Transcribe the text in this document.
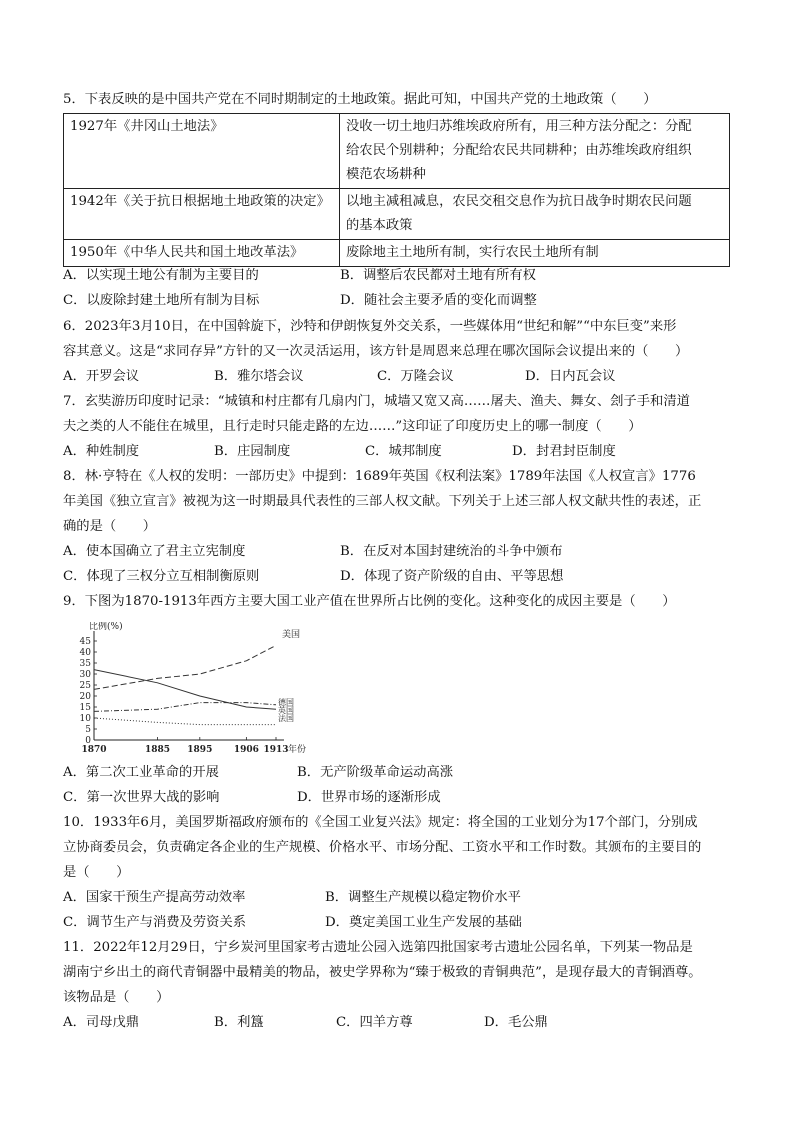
5．下表反映的是中国共产党在不同时期制定的土地政策。据此可知，中国共产党的土地政策（　　）
1927年《井冈山土地法》	没收一切土地归苏维埃政府所有，用三种方法分配之：分配
给农民个别耕种；分配给农民共同耕种；由苏维埃政府组织
模范农场耕种

1942年《关于抗日根据地土地政策的决定》	以地主减租减息，农民交租交息作为抗日战争时期农民问题
的基本政策

1950年《中华人民共和国土地改革法》	废除地主土地所有制，实行农民土地所有制
A．以实现土地公有制为主要目的	B．调整后农民都对土地有所有权
C．以废除封建土地所有制为目标	D．随社会主要矛盾的变化而调整
6．2023年3月10日，在中国斡旋下，沙特和伊朗恢复外交关系，一些媒体用“世纪和解”“中东巨变”来形
容其意义。这是“求同存异”方针的又一次灵活运用，该方针是周恩来总理在哪次国际会议提出来的（　　）
A．开罗会议	B．雅尔塔会议	C．万隆会议	D．日内瓦会议
7．玄奘游历印度时记录：“城镇和村庄都有几扇内门，城墙又宽又高……屠夫、渔夫、舞女、刽子手和清道
夫之类的人不能住在城里，且行走时只能走路的左边……”这印证了印度历史上的哪一制度（　　）
A．种姓制度	B．庄园制度	C．城邦制度	D．封君封臣制度
8．林·亨特在《人权的发明：一部历史》中提到：1689年英国《权利法案》1789年法国《人权宣言》1776
年美国《独立宣言》被视为这一时期最具代表性的三部人权文献。下列关于上述三部人权文献共性的表述，正
确的是（　　）
A．使本国确立了君主立宪制度	B．在反对本国封建统治的斗争中颁布
C．体现了三权分立互相制衡原则	D．体现了资产阶级的自由、平等思想
9．下图为1870-1913年西方主要大国工业产值在世界所占比例的变化。这种变化的成因主要是（　　）
比例(%)
0
5
10
15
20
25
30
35
40
45
1870	1885 1895 1906 1913 年份
美国
德国
英国
法国
A．第二次工业革命的开展	B．无产阶级革命运动高涨
C．第一次世界大战的影响	D．世界市场的逐渐形成
10．1933年6月，美国罗斯福政府颁布的《全国工业复兴法》规定：将全国的工业划分为17个部门，分别成
立协商委员会，负责确定各企业的生产规模、价格水平、市场分配、工资水平和工作时数。其颁布的主要目的
是（　　）
A．国家干预生产提高劳动效率	B．调整生产规模以稳定物价水平
C．调节生产与消费及劳资关系	D．奠定美国工业生产发展的基础
11．2022年12月29日，宁乡炭河里国家考古遗址公园入选第四批国家考古遗址公园名单，下列某一物品是
湖南宁乡出土的商代青铜器中最精美的物品，被史学界称为“臻于极致的青铜典范”，是现存最大的青铜酒尊。
该物品是（　　）
A．司母戊鼎	B．利簋	C．四羊方尊	D．毛公鼎
